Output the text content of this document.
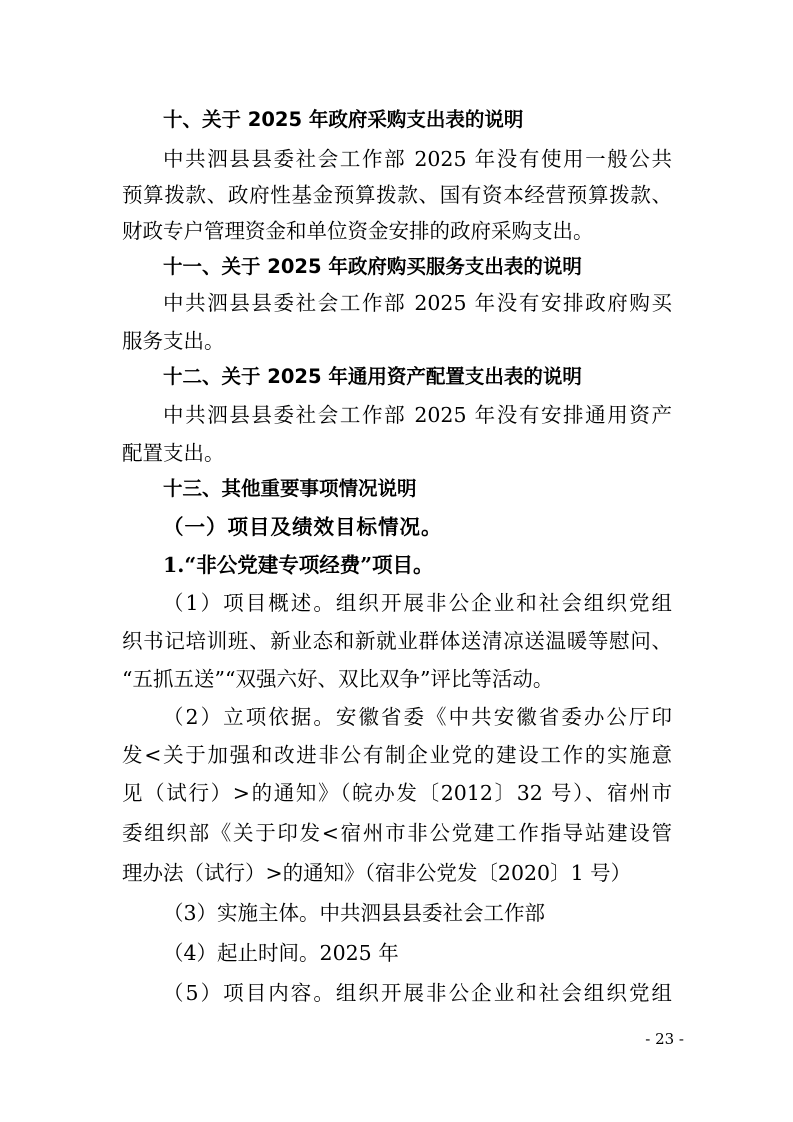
十、关于 2025 年政府采购支出表的说明
中共泗县县委社会工作部 2025 年没有使用一般公共
预算拨款、政府性基金预算拨款、国有资本经营预算拨款、
财政专户管理资金和单位资金安排的政府采购支出。
十一、关于 2025 年政府购买服务支出表的说明
中共泗县县委社会工作部 2025 年没有安排政府购买
服务支出。
十二、关于 2025 年通用资产配置支出表的说明
中共泗县县委社会工作部 2025 年没有安排通用资产
配置支出。
十三、其他重要事项情况说明
（一）项目及绩效目标情况。
1.“非公党建专项经费”项目。
（1）项目概述。组织开展非公企业和社会组织党组
织书记培训班、新业态和新就业群体送清凉送温暖等慰问、
“五抓五送”“双强六好、双比双争”评比等活动。
（2）立项依据。安徽省委《中共安徽省委办公厅印
发<关于加强和改进非公有制企业党的建设工作的实施意
见（试行）>的通知》（皖办发〔2012〕32 号）、宿州市
委组织部《关于印发<宿州市非公党建工作指导站建设管
理办法（试行）>的通知》（宿非公党发〔2020〕1 号）
（3）实施主体。中共泗县县委社会工作部
（4）起止时间。2025 年
（5）项目内容。组织开展非公企业和社会组织党组
- 23 -
